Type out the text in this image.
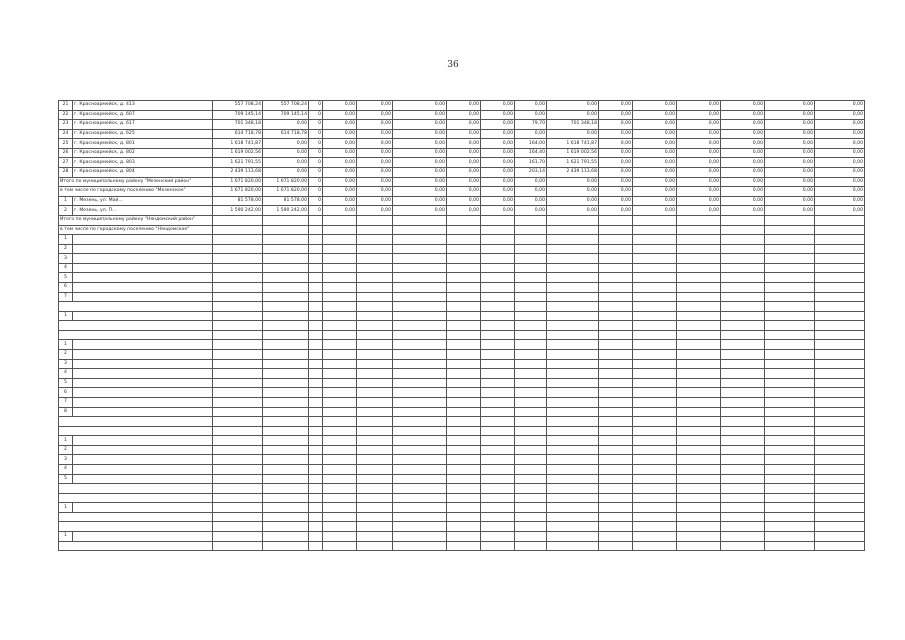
36
21	г. Красноармейск, д. 413	557 708,24	557 708,24	0	0,00	0,00	0,00	0,00	0,00	0,00	0,00	0,00	0,00	0,00	0,00	0,00	0,00
22	г. Красноармейск, д. 607	709 145,14	709 145,14	0	0,00	0,00	0,00	0,00	0,00	0,00	0,00	0,00	0,00	0,00	0,00	0,00	0,00
23	г. Красноармейск, д. 617	701 348,18	0,00	0	0,00	0,00	0,00	0,00	0,00	79,70	701 348,18	0,00	0,00	0,00	0,00	0,00	0,00
24	г. Красноармейск, д. 625	614 718,78	614 718,78	0	0,00	0,00	0,00	0,00	0,00	0,00	0,00	0,00	0,00	0,00	0,00	0,00	0,00
25	г. Красноармейск, д. 801	1 618 741,87	0,00	0	0,00	0,00	0,00	0,00	0,00	164,00	1 618 741,87	0,00	0,00	0,00	0,00	0,00	0,00
26	г. Красноармейск, д. 802	1 619 002,56	0,00	0	0,00	0,00	0,00	0,00	0,00	164,40	1 619 002,56	0,00	0,00	0,00	0,00	0,00	0,00
27	г. Красноармейск, д. 803	1 621 791,55	0,00	0	0,00	0,00	0,00	0,00	0,00	161,70	1 621 791,55	0,00	0,00	0,00	0,00	0,00	0,00
28	г. Красноармейск, д. 804	2 439 113,68	0,00	0	0,00	0,00	0,00	0,00	0,00	203,14	2 439 113,68	0,00	0,00	0,00	0,00	0,00	0,00
Итого по муниципальному району "Мезенский район"		1 671 820,00	1 671 820,00	0	0,00	0,00	0,00	0,00	0,00	0,00	0,00	0,00	0,00	0,00	0,00	0,00	0,00
в том числе по городскому поселению "Мезенское"		1 671 820,00	1 671 820,00	0	0,00	0,00	0,00	0,00	0,00	0,00	0,00	0,00	0,00	0,00	0,00	0,00	0,00
1	г. Мезень, ул. Май...	81 578,00	81 578,00	0	0,00	0,00	0,00	0,00	0,00	0,00	0,00	0,00	0,00	0,00	0,00	0,00	0,00
2	г. Мезень, ул. П...	1 590 242,00	1 590 242,00	0	0,00	0,00	0,00	0,00	0,00	0,00	0,00	0,00	0,00	0,00	0,00	0,00	0,00
Итого по муниципальному району "Няндомский район"																	
в том числе по городскому поселению "Няндомское"																	
1																	
2																	
3																	
4																	
5																	
6																	
7																	

1																	

1																	
2																	
3																	
4																	
5																	
6																	
7																	
8																	

1																	
2																	
3																	
4																	
5																	

1																	

1																	
